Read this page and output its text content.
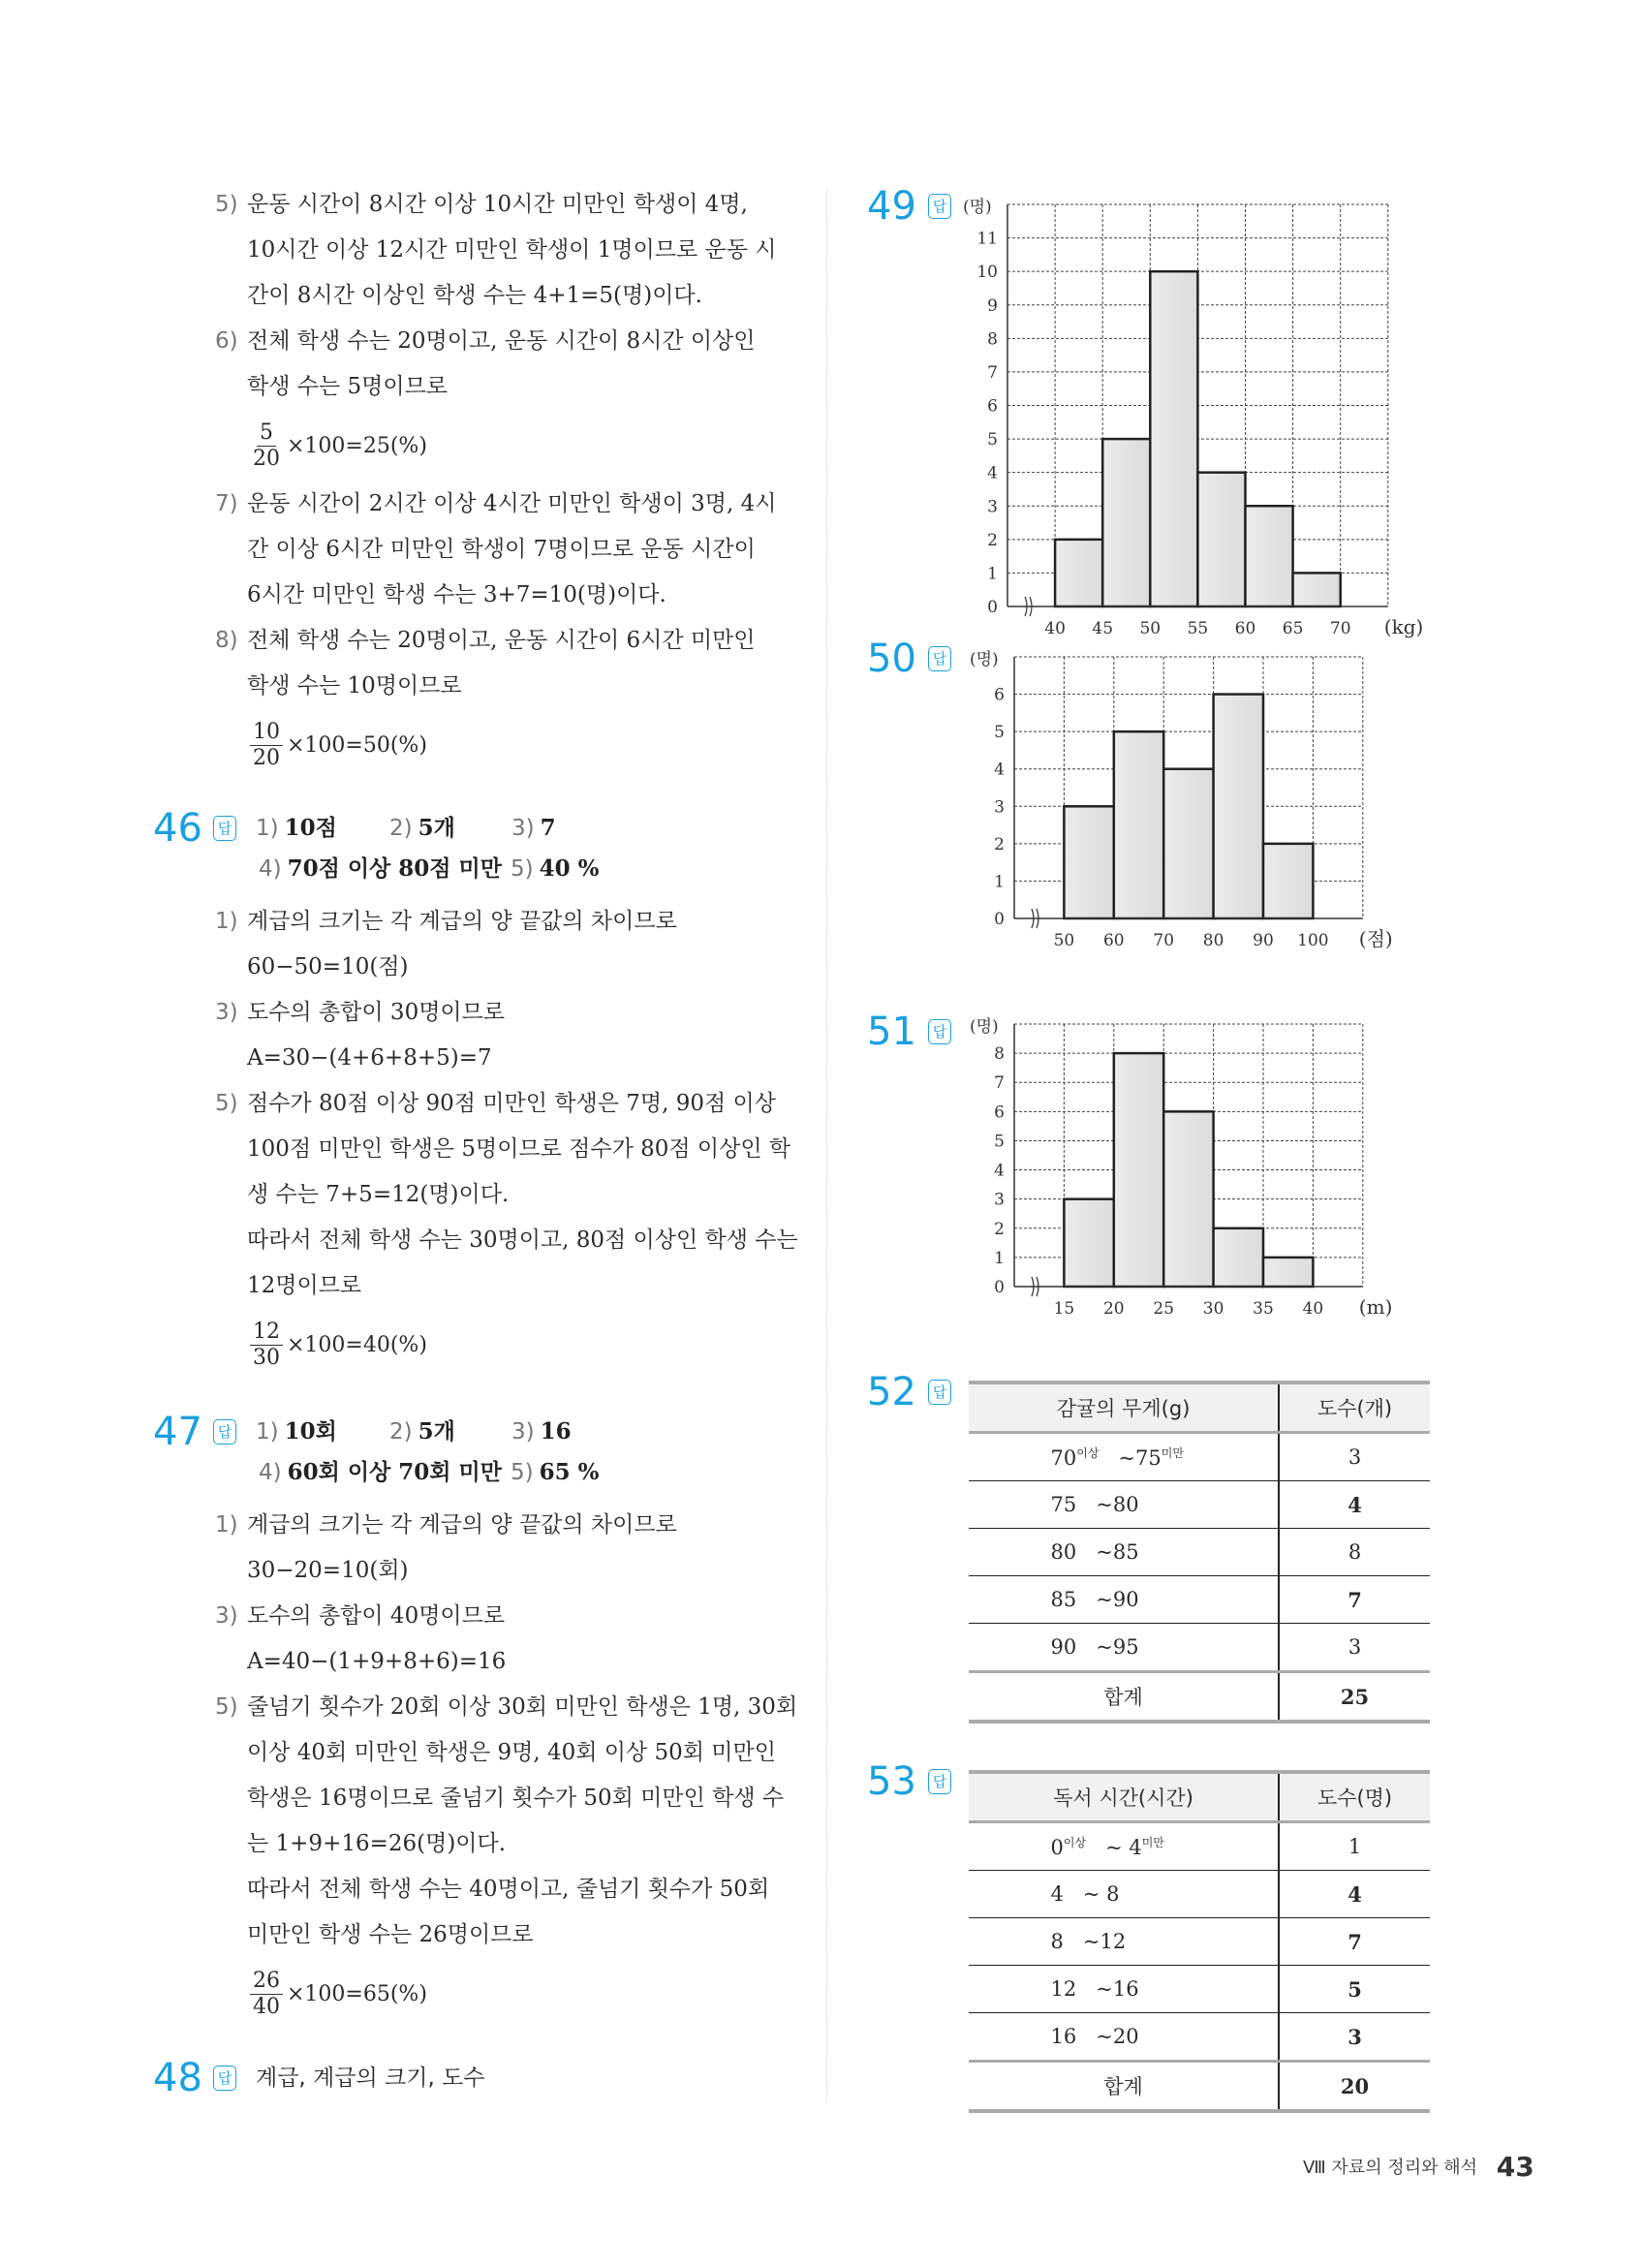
5) 운동 시간이 8시간 이상 10시간 미만인 학생이 4명,
10시간 이상 12시간 미만인 학생이 1명이므로 운동 시
간이 8시간 이상인 학생 수는 4+1=5(명)이다.
6) 전체 학생 수는 20명이고, 운동 시간이 8시간 이상인
학생 수는 5명이므로
$\frac{5}{20} \times 100=25(\%)$
7) 운동 시간이 2시간 이상 4시간 미만인 학생이 3명, 4시
간 이상 6시간 미만인 학생이 7명이므로 운동 시간이
6시간 미만인 학생 수는 3+7=10(명)이다.
8) 전체 학생 수는 20명이고, 운동 시간이 6시간 미만인
학생 수는 10명이므로
$\frac{10}{20} \times 100=50(\%)$
46	답 1) 10점 2) 5개	3) 7
4) 70점 이상 80점 미만 5) 40 %
1) 계급의 크기는 각 계급의 양 끝값의 차이므로
60−50=10(점)
3) 도수의 총합이 30명이므로
A=30−(4+6+8+5)=7
5) 점수가 80점 이상 90점 미만인 학생은 7명, 90점 이상
100점 미만인 학생은 5명이므로 점수가 80점 이상인 학
생 수는 7+5=12(명)이다.
따라서 전체 학생 수는 30명이고, 80점 이상인 학생 수는
12명이므로
$\frac{12}{30} \times 100=40(\%)$
47	답 1) 10회 2) 5개	3) 16
4) 60회 이상 70회 미만 5) 65 %
1) 계급의 크기는 각 계급의 양 끝값의 차이므로
30−20=10(회)
3) 도수의 총합이 40명이므로
A=40−(1+9+8+6)=16
5) 줄넘기 횟수가 20회 이상 30회 미만인 학생은 1명, 30회
이상 40회 미만인 학생은 9명, 40회 이상 50회 미만인
학생은 16명이므로 줄넘기 횟수가 50회 미만인 학생 수
는 1+9+16=26(명)이다.
따라서 전체 학생 수는 40명이고, 줄넘기 횟수가 50회
미만인 학생 수는 26명이므로
$\frac{26}{40} \times 100=65(\%)$
48	답 계급, 계급의 크기, 도수
49	답
50	답
51	답
0
1
2
3
4
5
6
7
8
9
10
11
40 45 50 55 60 65 70 (kg)
(명)
0
1
2
3
4
5
6
50 60 70 80 90 100 (점)
(명)
0
1
2
3
4
5
6
7
8
15 20 25 30 35 40 (m)
(명)
52	답
감귤의 무게(g)	도수(개)
$70^{이상}$ $\sim 75^{미만}$	3
75 ~80	4
80 ~85	8
85 ~90	7
90 ~95	3
합계	25
53	답
독서 시간(시간)	도수(명)
$0^{이상}$ ~ $4^{미만}$	1
4 ~ 8	4
8 ~12	7
12 ~16	5
16 ~20	3
합계	20
Ⅷ 자료의 정리와 해석 43
